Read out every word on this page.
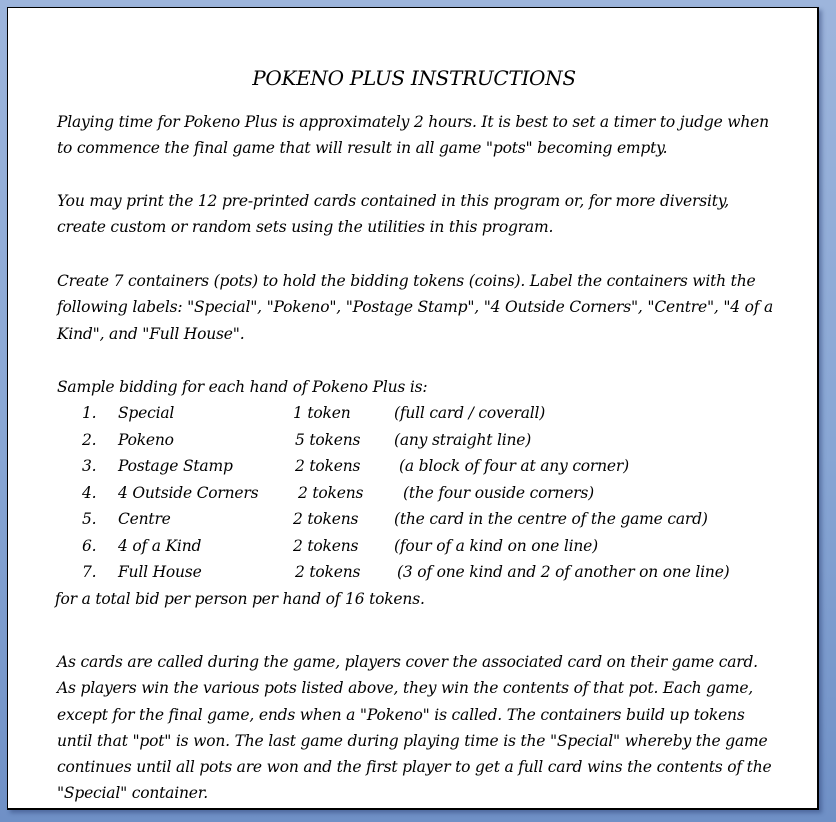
POKENO PLUS INSTRUCTIONS

Playing time for Pokeno Plus is approximately 2 hours. It is best to set a timer to judge when to commence the final game that will result in all game "pots" becoming empty.

You may print the 12 pre-printed cards contained in this program or, for more diversity, create custom or random sets using the utilities in this program.

Create 7 containers (pots) to hold the bidding tokens (coins). Label the containers with the following labels: "Special", "Pokeno", "Postage Stamp", "4 Outside Corners", "Centre", "4 of a Kind", and "Full House".

Sample bidding for each hand of Pokeno Plus is:

1. Special	1 token	(full card / coverall)
2. Pokeno	5 tokens (any straight line)
3. Postage Stamp	2 tokens (a block of four at any corner)
4. 4 Outside Corners	2 tokens	(the four ouside corners)
5. Centre	2 tokens (the card in the centre of the game card)
6. 4 of a Kind	2 tokens (four of a kind on one line)
7. Full House	2 tokens (3 of one kind and 2 of another on one line)

for a total bid per person per hand of 16 tokens.

As cards are called during the game, players cover the associated card on their game card. As players win the various pots listed above, they win the contents of that pot. Each game, except for the final game, ends when a "Pokeno" is called. The containers build up tokens until that "pot" is won. The last game during playing time is the "Special" whereby the game continues until all pots are won and the first player to get a full card wins the contents of the "Special" container.
